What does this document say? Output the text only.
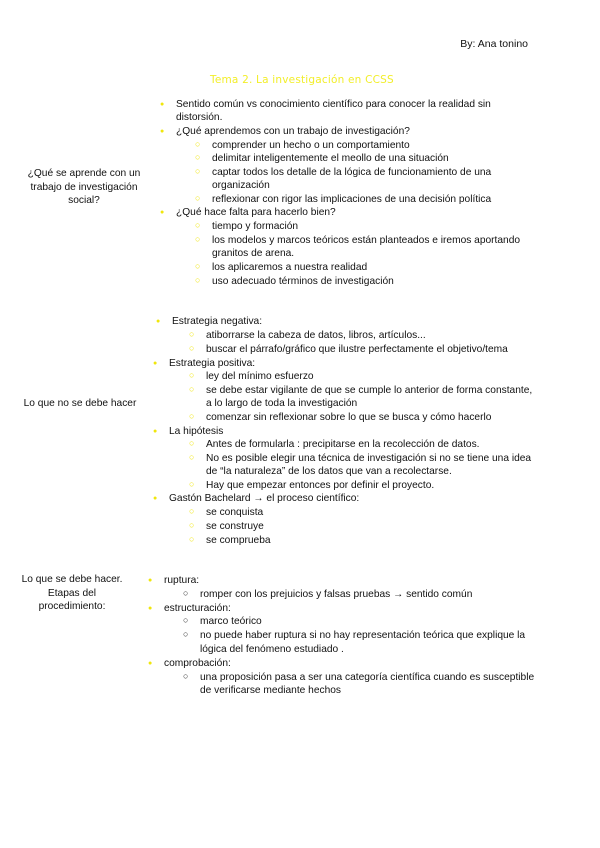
By: Ana tonino
Tema 2. La investigación en CCSS
¿Qué se aprende con un trabajo de investigación social?
● Sentido común vs conocimiento científico para conocer la realidad sin
distorsión.
● ¿Qué aprendemos con un trabajo de investigación?
○ comprender un hecho o un comportamiento
○ delimitar inteligentemente el meollo de una situación
○ captar todos los detalle de la lógica de funcionamiento de una
organización
○ reflexionar con rigor las implicaciones de una decisión política
● ¿Qué hace falta para hacerlo bien?
○ tiempo y formación
○ los modelos y marcos teóricos están planteados e iremos aportando
granitos de arena.
○ los aplicaremos a nuestra realidad
○ uso adecuado términos de investigación
Lo que no se debe hacer
● Estrategia negativa:
○ atiborrarse la cabeza de datos, libros, artículos...
○ buscar el párrafo/gráfico que ilustre perfectamente el objetivo/tema
● Estrategia positiva:
○ ley del mínimo esfuerzo
○ se debe estar vigilante de que se cumple lo anterior de forma constante,
a lo largo de toda la investigación
○ comenzar sin reflexionar sobre lo que se busca y cómo hacerlo
● La hipótesis
○ Antes de formularla : precipitarse en la recolección de datos.
○ No es posible elegir una técnica de investigación si no se tiene una idea
de “la naturaleza” de los datos que van a recolectarse.
○ Hay que empezar entonces por definir el proyecto.
● Gastón Bachelard → el proceso científico:
○ se conquista
○ se construye
○ se comprueba
Lo que se debe hacer. Etapas del procedimiento:
● ruptura:
○ romper con los prejuicios y falsas pruebas → sentido común
● estructuración:
○ marco teórico
○ no puede haber ruptura si no hay representación teórica que explique la
lógica del fenómeno estudiado .
● comprobación:
○ una proposición pasa a ser una categoría científica cuando es susceptible
de verificarse mediante hechos
